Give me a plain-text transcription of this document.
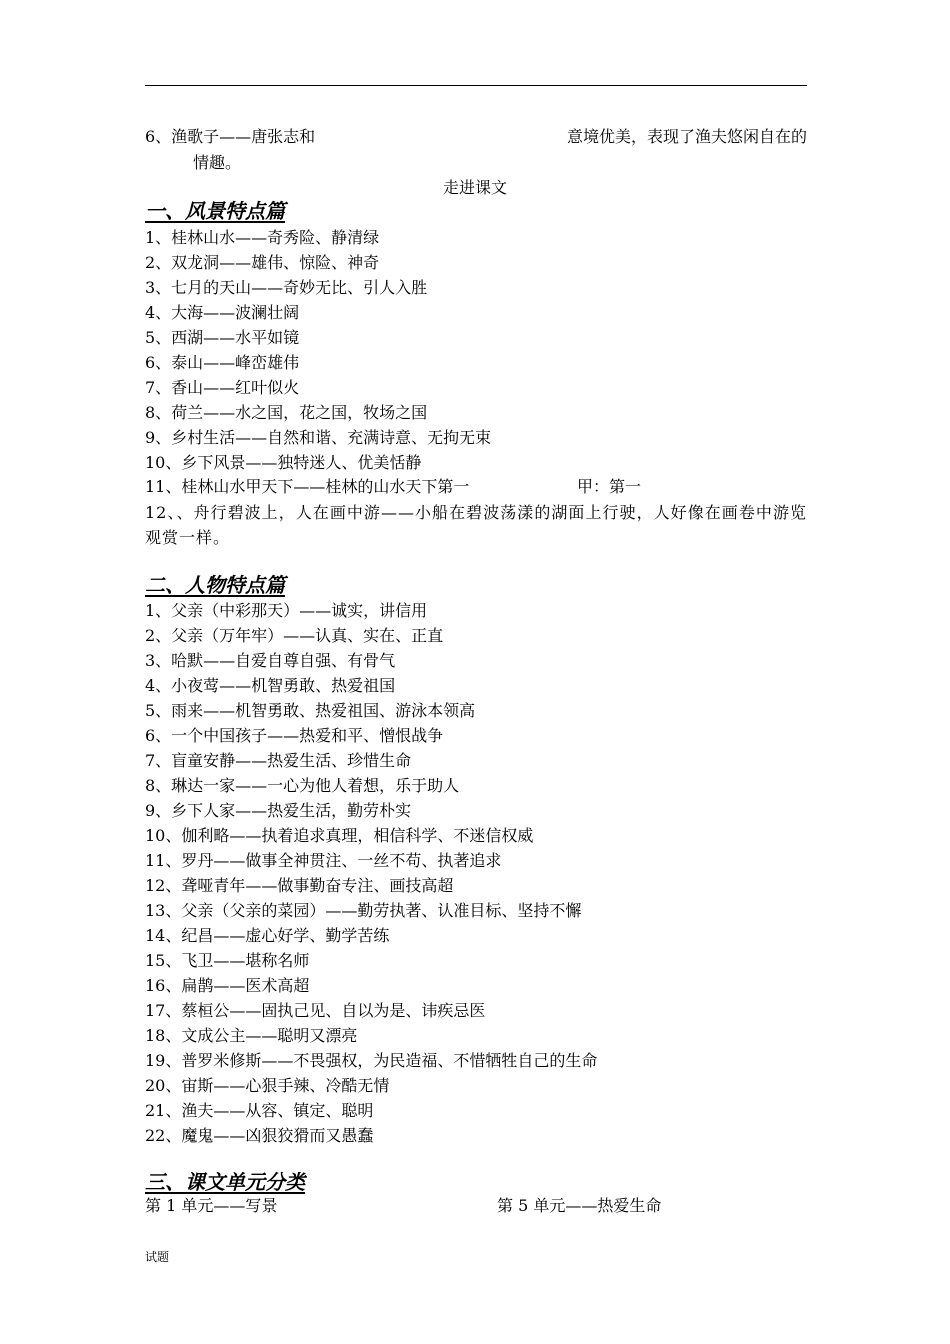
6、渔歌子——唐张志和	意境优美，表现了渔夫悠闲自在的
情趣。
走进课文
一、风景特点篇
1、桂林山水——奇秀险、静清绿
2、双龙洞——雄伟、惊险、神奇
3、七月的天山——奇妙无比、引人入胜
4、大海——波澜壮阔
5、西湖——水平如镜
6、泰山——峰峦雄伟
7、香山——红叶似火
8、荷兰——水之国，花之国，牧场之国
9、乡村生活——自然和谐、充满诗意、无拘无束
10、乡下风景——独特迷人、优美恬静
11、桂林山水甲天下——桂林的山水天下第一	甲：第一
12、、舟行碧波上，人在画中游——小船在碧波荡漾的湖面上行驶，人好像在画卷中游览观赏一样。
二、人物特点篇
1、父亲（中彩那天）——诚实，讲信用
2、父亲（万年牢）——认真、实在、正直
3、哈默——自爱自尊自强、有骨气
4、小夜莺——机智勇敢、热爱祖国
5、雨来——机智勇敢、热爱祖国、游泳本领高
6、一个中国孩子——热爱和平、憎恨战争
7、盲童安静——热爱生活、珍惜生命
8、琳达一家——一心为他人着想，乐于助人
9、乡下人家——热爱生活，勤劳朴实
10、伽利略——执着追求真理，相信科学、不迷信权威
11、罗丹——做事全神贯注、一丝不苟、执著追求
12、聋哑青年——做事勤奋专注、画技高超
13、父亲（父亲的菜园）——勤劳执著、认准目标、坚持不懈
14、纪昌——虚心好学、勤学苦练
15、飞卫——堪称名师
16、扁鹊——医术高超
17、蔡桓公——固执己见、自以为是、讳疾忌医
18、文成公主——聪明又漂亮
19、普罗米修斯——不畏强权，为民造福、不惜牺牲自己的生命
20、宙斯——心狠手辣、冷酷无情
21、渔夫——从容、镇定、聪明
22、魔鬼——凶狠狡猾而又愚蠢
三、课文单元分类
第 1 单元——写景	第 5 单元——热爱生命
试题
